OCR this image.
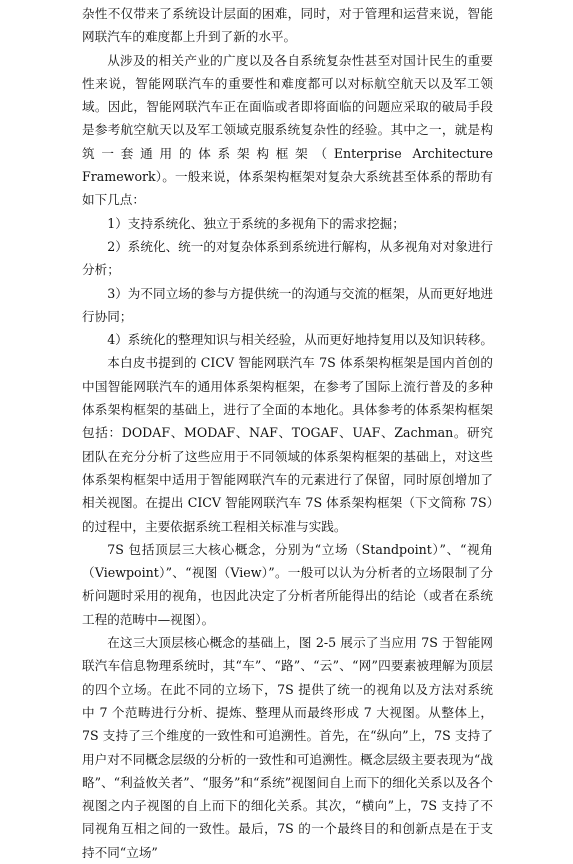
杂性不仅带来了系统设计层面的困难，同时，对于管理和运营来说，智能网联汽车的难度都上升到了新的水平。

从涉及的相关产业的广度以及各自系统复杂性甚至对国计民生的重要性来说，智能网联汽车的重要性和难度都可以对标航空航天以及军工领域。因此，智能网联汽车正在面临或者即将面临的问题应采取的破局手段是参考航空航天以及军工领域克服系统复杂性的经验。其中之一，就是构筑一套通用的体系架构框架（Enterprise Architecture Framework）。一般来说，体系架构框架对复杂大系统甚至体系的帮助有如下几点：

1）支持系统化、独立于系统的多视角下的需求挖掘；

2）系统化、统一的对复杂体系到系统进行解构，从多视角对对象进行分析；

3）为不同立场的参与方提供统一的沟通与交流的框架，从而更好地进行协同；

4）系统化的整理知识与相关经验，从而更好地持复用以及知识转移。

本白皮书提到的 CICV 智能网联汽车 7S 体系架构框架是国内首创的中国智能网联汽车的通用体系架构框架，在参考了国际上流行普及的多种体系架构框架的基础上，进行了全面的本地化。具体参考的体系架构框架包括：DODAF、MODAF、NAF、TOGAF、UAF、Zachman。研究团队在充分分析了这些应用于不同领域的体系架构框架的基础上，对这些体系架构框架中适用于智能网联汽车的元素进行了保留，同时原创增加了相关视图。在提出 CICV 智能网联汽车 7S 体系架构框架（下文简称 7S）的过程中，主要依据系统工程相关标准与实践。

7S 包括顶层三大核心概念，分别为“立场（Standpoint）”、“视角（Viewpoint）”、“视图（View）”。一般可以认为分析者的立场限制了分析问题时采用的视角，也因此决定了分析者所能得出的结论（或者在系统工程的范畴中—视图）。

在这三大顶层核心概念的基础上，图 2-5 展示了当应用 7S 于智能网联汽车信息物理系统时，其“车”、“路”、“云”、“网”四要素被理解为顶层的四个立场。在此不同的立场下，7S 提供了统一的视角以及方法对系统中 7 个范畴进行分析、提炼、整理从而最终形成 7 大视图。从整体上，7S 支持了三个维度的一致性和可追溯性。首先，在“纵向”上，7S 支持了用户对不同概念层级的分析的一致性和可追溯性。概念层级主要表现为“战略”、“利益攸关者”、“服务”和“系统”视图间自上而下的细化关系以及各个视图之内子视图的自上而下的细化关系。其次，“横向”上，7S 支持了不同视角互相之间的一致性。最后，7S 的一个最终目的和创新点是在于支持不同“立场”
